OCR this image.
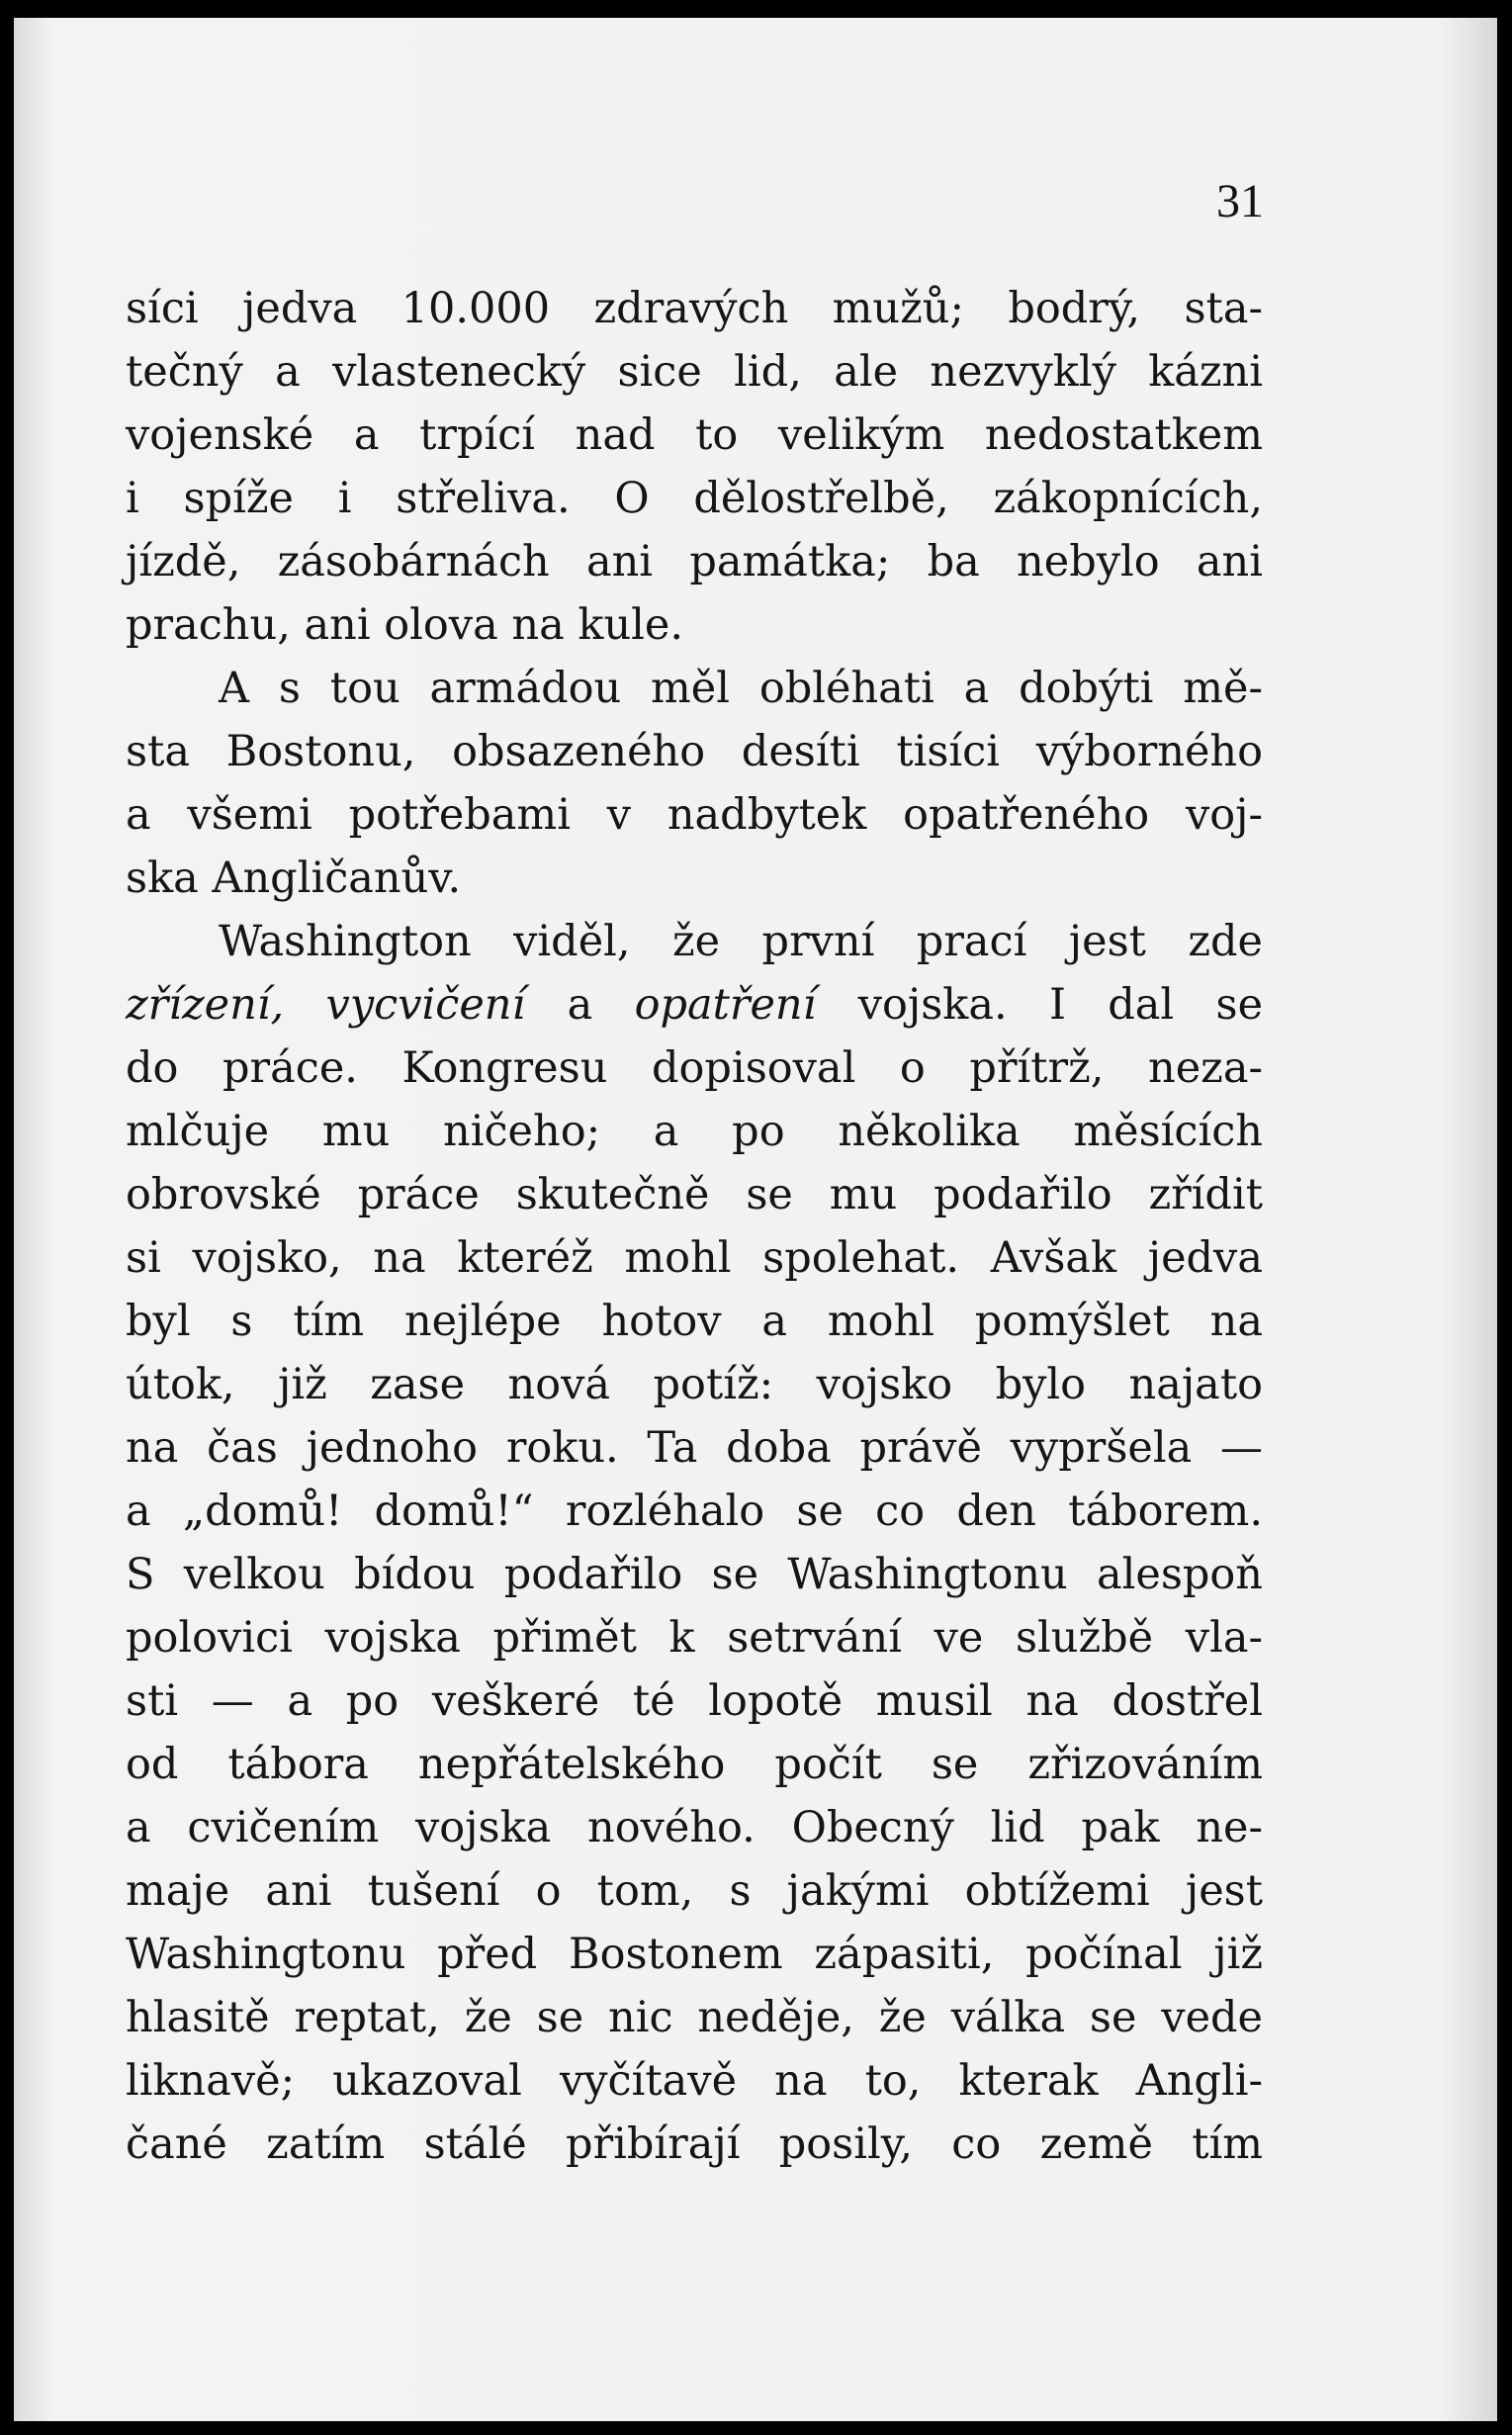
31
síci jedva 10.000 zdravých mužů; bodrý, sta-
tečný a vlastenecký sice lid, ale nezvyklý kázni
vojenské a trpící nad to velikým nedostatkem
i spíže i střeliva. O dělostřelbě, zákopnících,
jízdě, zásobárnách ani památka; ba nebylo ani
prachu, ani olova na kule.
A s tou armádou měl obléhati a dobýti mě-
sta Bostonu, obsazeného desíti tisíci výborného
a všemi potřebami v nadbytek opatřeného voj-
ska Angličanův.
Washington viděl, že první prací jest zde
zřízení, vycvičení a opatření vojska. I dal se
do práce. Kongresu dopisoval o přítrž, neza-
mlčuje mu ničeho; a po několika měsících
obrovské práce skutečně se mu podařilo zřídit
si vojsko, na kteréž mohl spolehat. Avšak jedva
byl s tím nejlépe hotov a mohl pomýšlet na
útok, již zase nová potíž: vojsko bylo najato
na čas jednoho roku. Ta doba právě vypršela —
a „domů! domů!“ rozléhalo se co den táborem.
S velkou bídou podařilo se Washingtonu alespoň
polovici vojska přimět k setrvání ve službě vla-
sti — a po veškeré té lopotě musil na dostřel
od tábora nepřátelského počít se zřizováním
a cvičením vojska nového. Obecný lid pak ne-
maje ani tušení o tom, s jakými obtížemi jest
Washingtonu před Bostonem zápasiti, počínal již
hlasitě reptat, že se nic neděje, že válka se vede
liknavě; ukazoval vyčítavě na to, kterak Angli-
čané zatím stálé přibírají posily, co země tím
